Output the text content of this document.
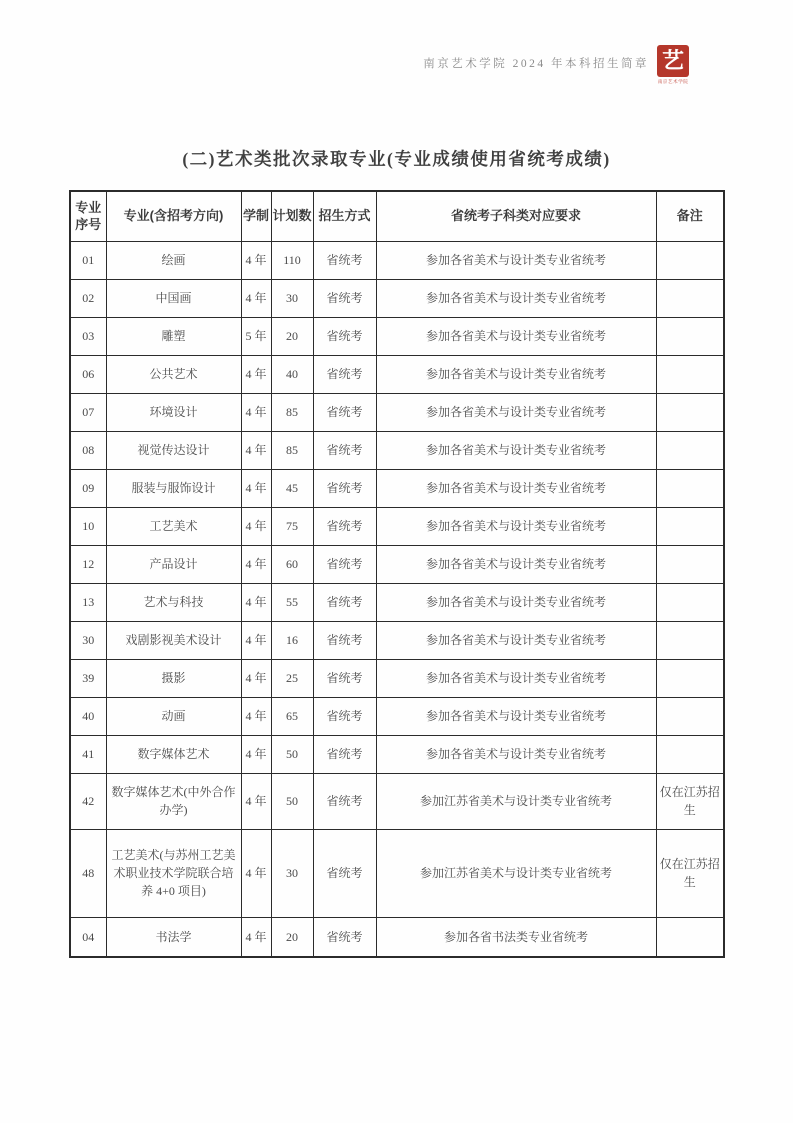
南京艺术学院 2024 年本科招生简章 艺
南京艺术学院
(二)艺术类批次录取专业(专业成绩使用省统考成绩)
专业序号	专业(含招考方向)	学制	计划数	招生方式	省统考子科类对应要求	备注
01	绘画	4 年	110	省统考	参加各省美术与设计类专业省统考	
02	中国画	4 年	30	省统考	参加各省美术与设计类专业省统考	
03	雕塑	5 年	20	省统考	参加各省美术与设计类专业省统考	
06	公共艺术	4 年	40	省统考	参加各省美术与设计类专业省统考	
07	环境设计	4 年	85	省统考	参加各省美术与设计类专业省统考	
08	视觉传达设计	4 年	85	省统考	参加各省美术与设计类专业省统考	
09	服装与服饰设计	4 年	45	省统考	参加各省美术与设计类专业省统考	
10	工艺美术	4 年	75	省统考	参加各省美术与设计类专业省统考	
12	产品设计	4 年	60	省统考	参加各省美术与设计类专业省统考	
13	艺术与科技	4 年	55	省统考	参加各省美术与设计类专业省统考	
30	戏剧影视美术设计	4 年	16	省统考	参加各省美术与设计类专业省统考	
39	摄影	4 年	25	省统考	参加各省美术与设计类专业省统考	
40	动画	4 年	65	省统考	参加各省美术与设计类专业省统考	
41	数字媒体艺术	4 年	50	省统考	参加各省美术与设计类专业省统考	
42	数字媒体艺术(中外合作办学)	4 年	50	省统考	参加江苏省美术与设计类专业省统考	仅在江苏招生
48	工艺美术(与苏州工艺美术职业技术学院联合培养 4+0 项目)	4 年	30	省统考	参加江苏省美术与设计类专业省统考	仅在江苏招生
04	书法学	4 年	20	省统考	参加各省书法类专业省统考	
